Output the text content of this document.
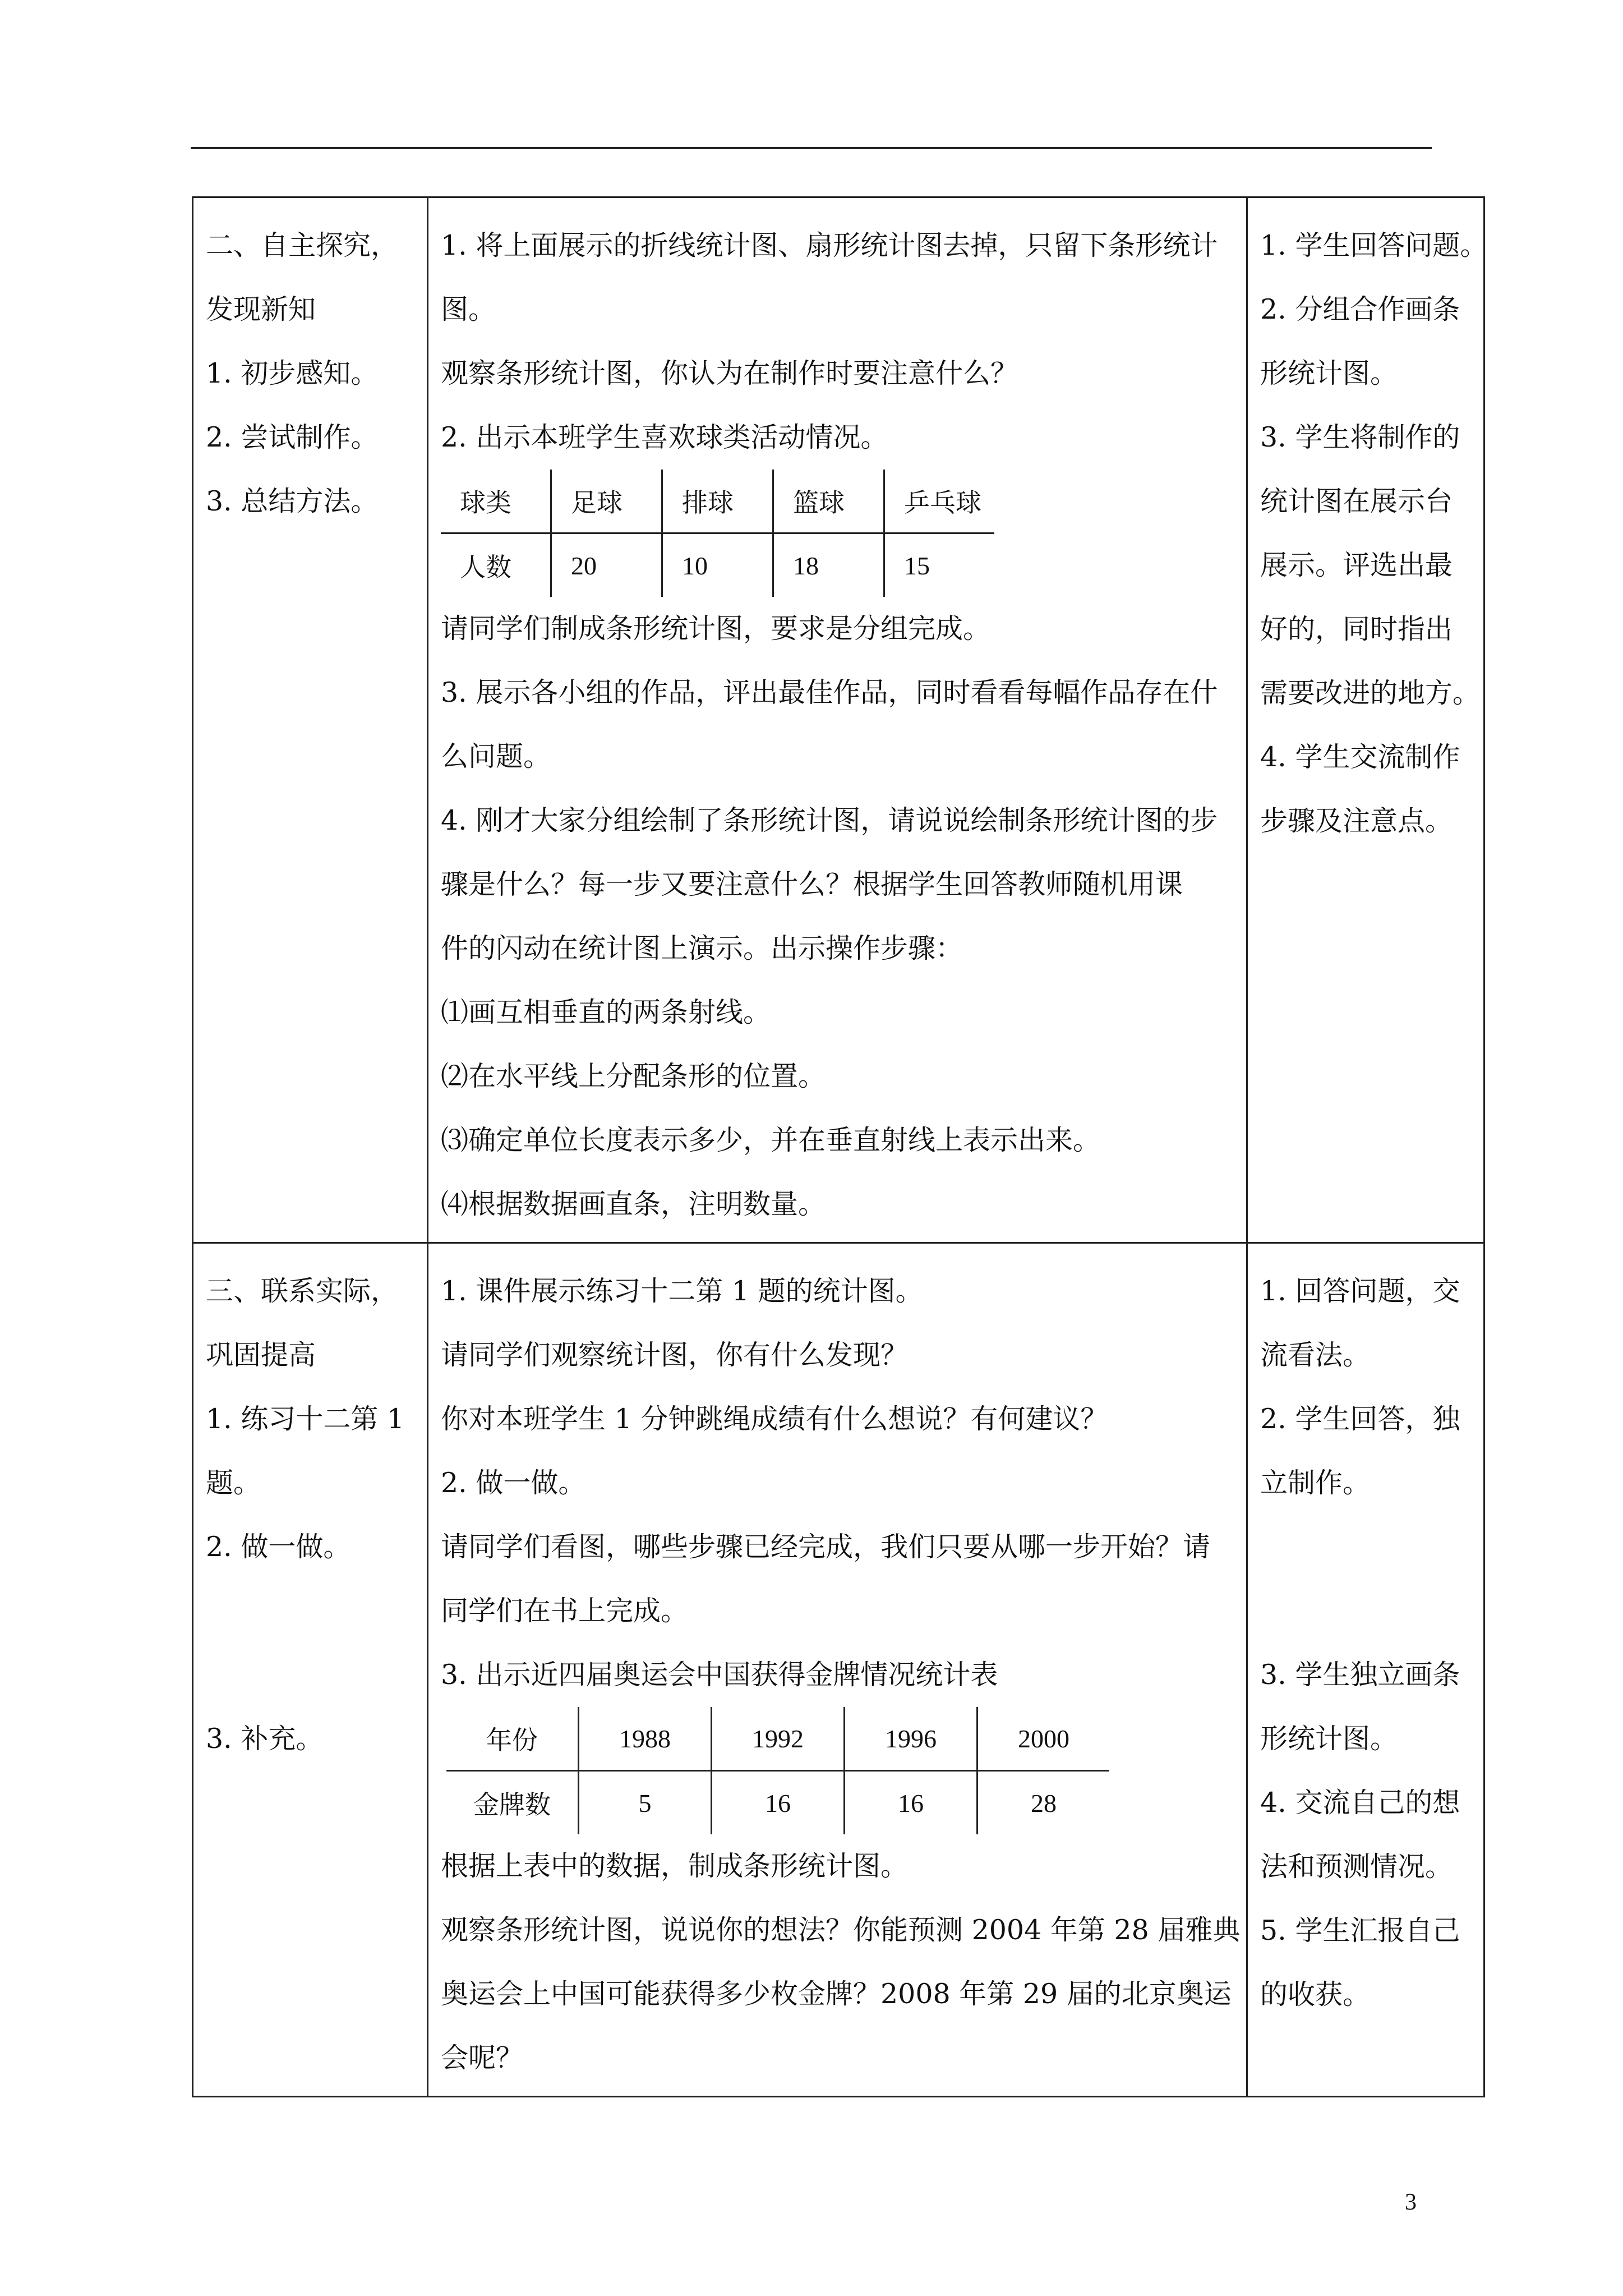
二、自主探究，
发现新知
1. 初步感知。
2. 尝试制作。
3. 总结方法。

1. 将上面展示的折线统计图、扇形统计图去掉，只留下条形统计
图。
观察条形统计图，你认为在制作时要注意什么？
2. 出示本班学生喜欢球类活动情况。
球类	足球	排球	篮球	乒乓球
人数	20	10	18	15
请同学们制成条形统计图，要求是分组完成。
3. 展示各小组的作品，评出最佳作品，同时看看每幅作品存在什
么问题。
4. 刚才大家分组绘制了条形统计图，请说说绘制条形统计图的步
骤是什么？每一步又要注意什么？根据学生回答教师随机用课
件的闪动在统计图上演示。出示操作步骤：
⑴画互相垂直的两条射线。
⑵在水平线上分配条形的位置。
⑶确定单位长度表示多少，并在垂直射线上表示出来。
⑷根据数据画直条，注明数量。

1. 学生回答问题。
2. 分组合作画条
形统计图。
3. 学生将制作的
统计图在展示台
展示。评选出最
好的，同时指出
需要改进的地方。
4. 学生交流制作
步骤及注意点。

三、联系实际，
巩固提高
1. 练习十二第 1
题。
2. 做一做。

3. 补充。

1. 课件展示练习十二第 1 题的统计图。
请同学们观察统计图，你有什么发现？
你对本班学生 1 分钟跳绳成绩有什么想说？有何建议？
2. 做一做。
请同学们看图，哪些步骤已经完成，我们只要从哪一步开始？请
同学们在书上完成。
3. 出示近四届奥运会中国获得金牌情况统计表
年份	1988	1992	1996	2000
金牌数	5	16	16	28
根据上表中的数据，制成条形统计图。
观察条形统计图，说说你的想法？你能预测 2004 年第 28 届雅典
奥运会上中国可能获得多少枚金牌？2008 年第 29 届的北京奥运
会呢？

1. 回答问题，交
流看法。
2. 学生回答，独
立制作。

3. 学生独立画条
形统计图。
4. 交流自己的想
法和预测情况。
5. 学生汇报自己
的收获。
3
